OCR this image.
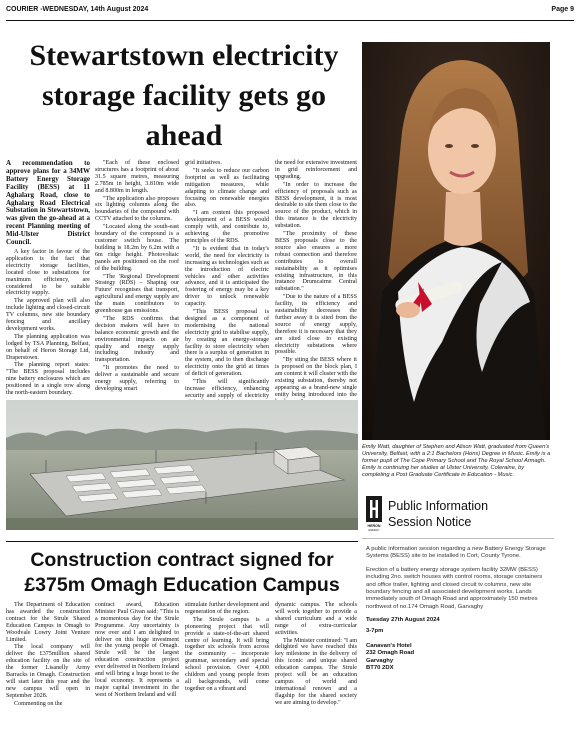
COURIER -WEDNESDAY, 14th August 2024	Page 9
Stewartstown electricity storage facility gets go ahead

A recommendation to approve plans for a 34MW Battery Energy Storage Facility (BESS) at 11 Aghalarg Road, close to Aghalarg Road Electrical Substation in Stewartstown, was given the go-ahead at a recent Planning meeting of Mid-Ulster District Council.

A key factor in favour of the application is the fact that electricity storage facilities, located close to substations for maximum efficiency, are considered to be suitable electricity supply.

The approved plan will also include lighting and closed-circuit TV columns, new site boundary fencing and ancillary development works.

The planning application was lodged by TSA Planning, Belfast, on behalf of Heron Storage Ltd, Draperstown.

The planning report states: "The BESS proposal includes nine battery enclosures which are positioned in a single row along the north-eastern boundary.

"Each of these enclosed structures has a footprint of about 31.5 square metres, measuring 2.785m in height, 3.810m wide and 8.800m in length.

"The application also proposes six lighting columns along the boundaries of the compound with CCTV attached to the columns.

"Located along the south-east boundary of the compound is a customer switch house. The building is 18.2m by 6.2m with a 6m ridge height. Photovoltaic panels are positioned on the roof of the building.

"The 'Regional Development Strategy (RDS) – Shaping our Future' recognises that transport, agricultural and energy supply are the main contributors to greenhouse gas emissions.

"The RDS confirms that decision makers will have to balance economic growth and the environmental impacts on air quality and energy supply including industry and transportation.

"It promotes the need to deliver a sustainable and secure energy supply, referring to developing smart

grid initiatives.

"It seeks to reduce our carbon footprint as well as facilitating mitigation measures, while adapting to climate change and focusing on renewable energies also.

"I am content this proposed development of a BESS would comply with, and contribute to, achieving the promotive principles of the RDS.

"It is evident that in today's world, the need for electricity is increasing as technologies such as the introduction of electric vehicles and other activities advance, and it is anticipated the fostering of energy may be a key driver to unlock renewable capacity.

"This BESS proposal is designed as a component of modernising the national electricity grid to stabilise supply, by creating an energy-storage facility to store electricity when there is a surplus of generation in the system, and to then discharge electricity onto the grid at times of deficit of generation.

"This will significantly increase efficiency, enhancing security and supply of electricity

the need for extensive investment in grid reinforcement and upgrading.

"In order to increase the efficiency of proposals such as BESS development, it is most desirable to site them close to the source of the product, which in this instance is the electricity substation.

"The proximity of these BESS proposals close to the source also ensures a more robust connection and therefore contributes to overall sustainability as it optimises existing infrastructure, in this instance Drumcairne Central substation."

"Due to the nature of a BESS facility, its efficiency and sustainability decreases the further away it is sited from the source of energy supply, therefore it is necessary that they are sited close to existing electricity substations where possible.

"By siting the BESS where it is proposed on the block plan, I am content it will cluster with the existing substation, thereby not appearing as a brand-new single entity being introduced into the

The electricity storage facility will include nine battery enclosures and a customer switch house. Credit: Mid-Ulster planning portal

Emily Watt, daughter of Stephen and Alison Watt, graduated from Queen's University, Belfast, with a 2:1 Bachelors (Hons) Degree in Music. Emily is a former pupil of The Cope Primary School and The Royal School Armagh. Emily is continuing her studies at Ulster University, Coleraine, by completing a Post Graduate Certificate in Education - Music.

Construction contract signed for £375m Omagh Education Campus

The Department of Education has awarded the construction contract for the Strule Shared Education Campus in Omagh to Woodvale Lowry Joint Venture Limited.

The local company will deliver the £375million shared education facility on the site of the former Lisanelly Army Barracks in Omagh. Construction will start later this year and the new campus will open in September 2028.

Commenting on the

contract award, Education Minister Paul Givan said: "This is a momentous day for the Strule Programme. Any uncertainty is now over and I am delighted to deliver on this huge investment for the young people of Omagh. Strule will be the largest education construction project ever delivered in Northern Ireland and will bring a huge boost to the local economy. It represents a major capital investment in the west of Northern Ireland and will

stimulate further development and regeneration of the region.

The Strule campus is a pioneering project that will provide a state-of-the-art shared centre of learning. It will bring together six schools from across the community – incorporate grammar, secondary and special school provision. Over 4,000 children and young people from all backgrounds, will come together on a vibrant and

dynamic campus. The schools will work together to provide a shared curriculum and a wide range of extra-curricular activities.

The Minister continued: "I am delighted we have reached this key milestone in the delivery of this iconic and unique shared education campus. The Strule project will be an education campus of world and international renown and a flagship for the shared society we are aiming to develop."

HERON
ENERGY
Public Information
Session Notice

A public information session regarding a new Battery Energy Storage Systems (BESS) site to be installed in Cort, County Tyrone.

Erection of a battery energy storage system facility 32MW (BESS) including 2no. switch houses with control rooms, storage containers and office trailer, lighting and closed circuit tv columns, new site boundary fencing and all associated development works. Lands immediately south of Omagh Road and approximately 150 metres northwest of no.174 Omagh Road, Garvaghy

Tuesday 27th August 2024

3-7pm

Canavan's Hotel

232 Omagh Road

Garvaghy

BT70 2DX
